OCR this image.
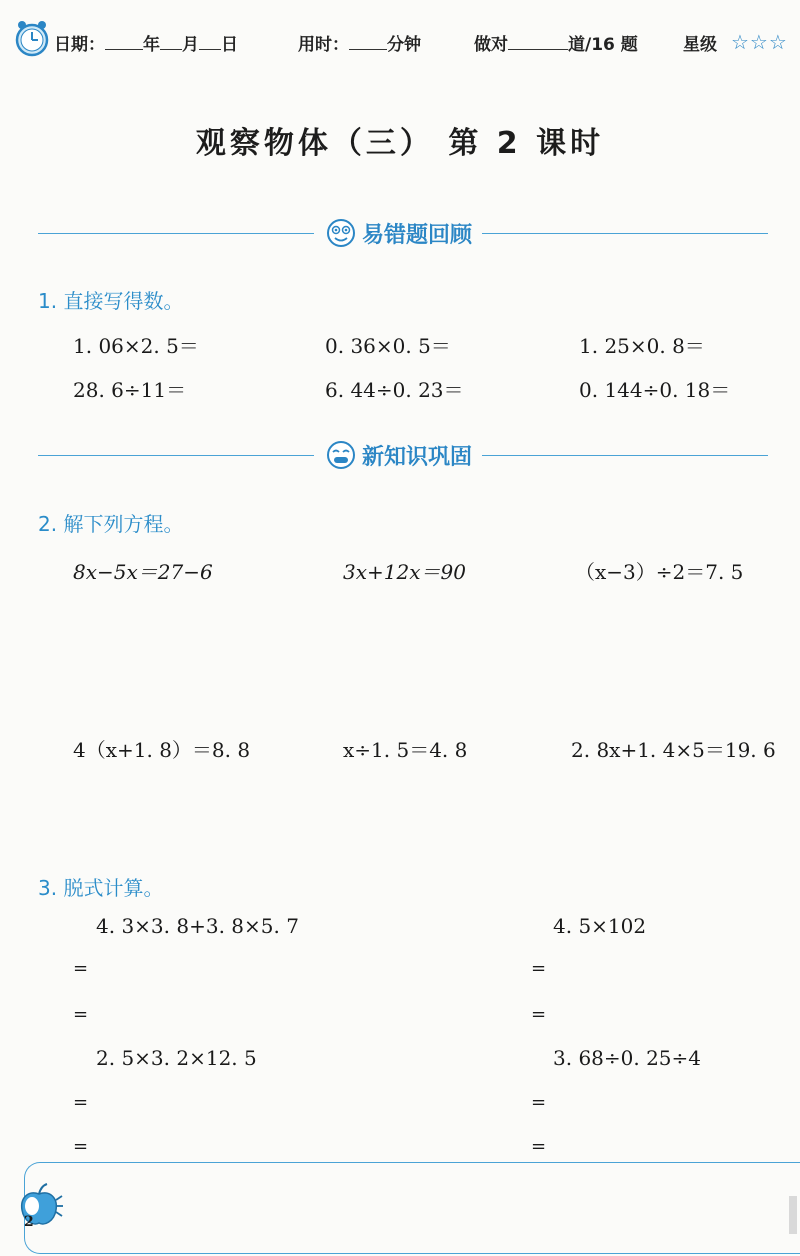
日期： 年 月 日	用时： 分钟	做对	道/16 题	星级 ☆☆☆
观察物体（三） 第 2 课时
易错题回顾
1. 直接写得数。
1. 06×2. 5＝	0. 36×0. 5＝	1. 25×0. 8＝
28. 6÷11＝	6. 44÷0. 23＝	0. 144÷0. 18＝
新知识巩固
2. 解下列方程。
8x−5x＝27−6	3x+12x＝90	（x−3）÷2＝7. 5
4（x+1. 8）＝8. 8	x÷1. 5＝4. 8	2. 8x+1. 4×5＝19. 6
3. 脱式计算。
4. 3×3. 8+3. 8×5. 7	4. 5×102
=	=
=	=
2. 5×3. 2×12. 5	3. 68÷0. 25÷4
=	=
=	=
2
